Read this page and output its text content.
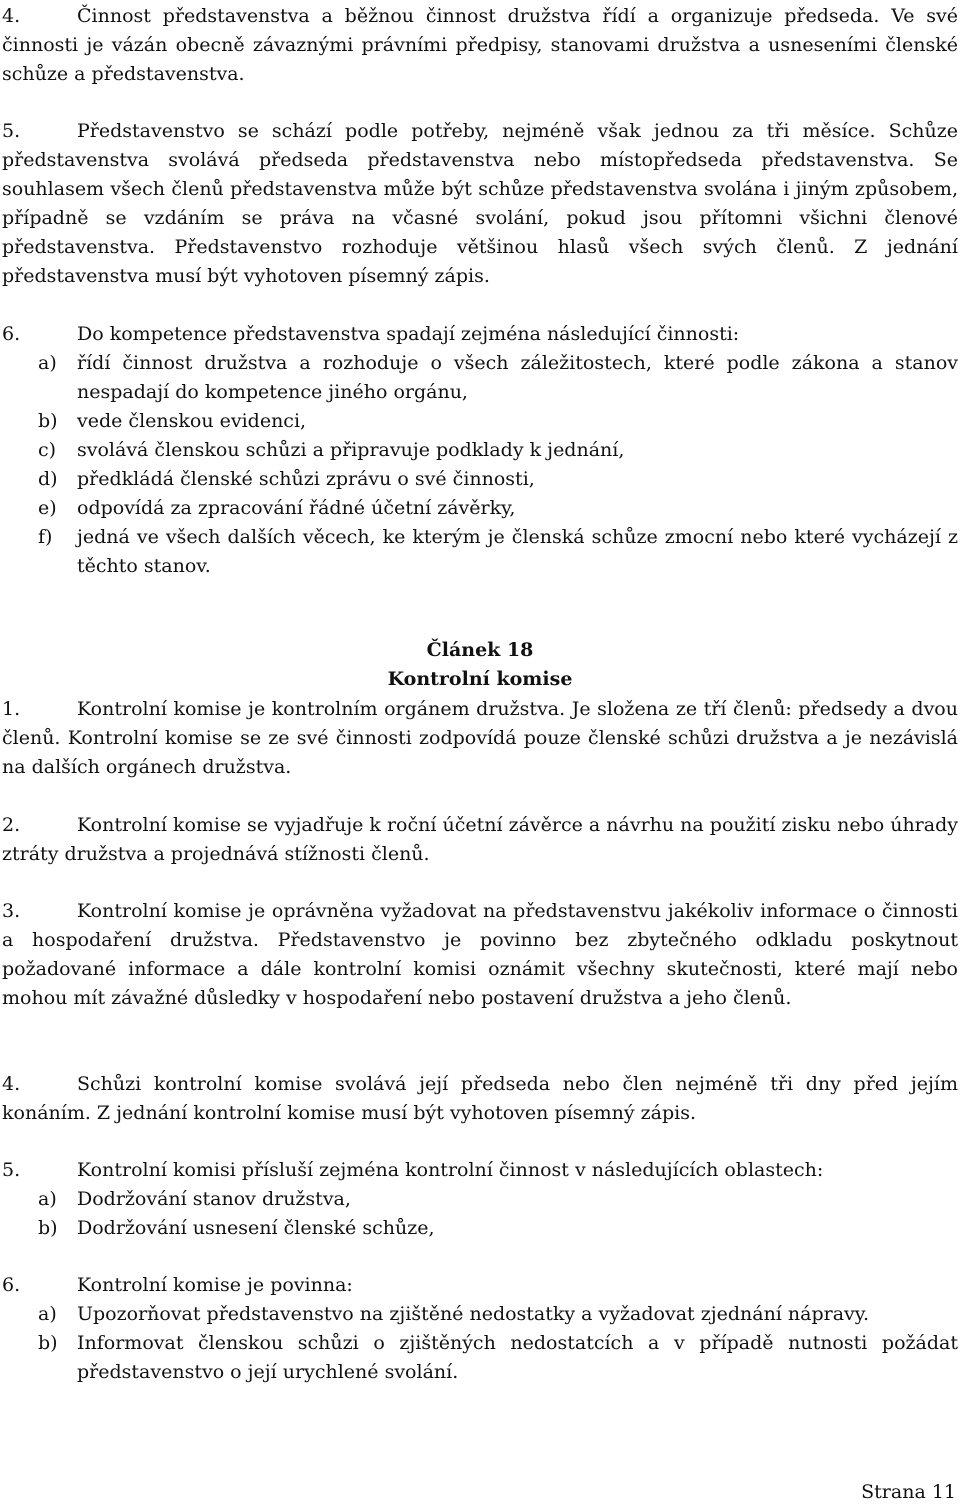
4.	Činnost představenstva a běžnou činnost družstva řídí a organizuje předseda. Ve své činnosti je vázán obecně závaznými právními předpisy, stanovami družstva a usneseními členské schůze a představenstva.

5.	Představenstvo se schází podle potřeby, nejméně však jednou za tři měsíce. Schůze představenstva svolává předseda představenstva nebo místopředseda představenstva. Se souhlasem všech členů představenstva může být schůze představenstva svolána i jiným způsobem, případně se vzdáním se práva na včasné svolání, pokud jsou přítomni všichni členové představenstva. Představenstvo rozhoduje většinou hlasů všech svých členů. Z jednání představenstva musí být vyhotoven písemný zápis.

6.	Do kompetence představenstva spadají zejména následující činnosti:

a) řídí činnost družstva a rozhoduje o všech záležitostech, které podle zákona a stanov nespadají do kompetence jiného orgánu,
b) vede členskou evidenci,
c) svolává členskou schůzi a připravuje podklady k jednání,
d) předkládá členské schůzi zprávu o své činnosti,
e) odpovídá za zpracování řádné účetní závěrky,
f) jedná ve všech dalších věcech, ke kterým je členská schůze zmocní nebo které vycházejí z těchto stanov.
Článek 18
Kontrolní komise

1.	Kontrolní komise je kontrolním orgánem družstva. Je složena ze tří členů: předsedy a dvou členů. Kontrolní komise se ze své činnosti zodpovídá pouze členské schůzi družstva a je nezávislá na dalších orgánech družstva.

2.	Kontrolní komise se vyjadřuje k roční účetní závěrce a návrhu na použití zisku nebo úhrady ztráty družstva a projednává stížnosti členů.

3.	Kontrolní komise je oprávněna vyžadovat na představenstvu jakékoliv informace o činnosti a hospodaření družstva. Představenstvo je povinno bez zbytečného odkladu poskytnout požadované informace a dále kontrolní komisi oznámit všechny skutečnosti, které mají nebo mohou mít závažné důsledky v hospodaření nebo postavení družstva a jeho členů.

4.	Schůzi kontrolní komise svolává její předseda nebo člen nejméně tři dny před jejím konáním. Z jednání kontrolní komise musí být vyhotoven písemný zápis.

5.	Kontrolní komisi přísluší zejména kontrolní činnost v následujících oblastech:

a) Dodržování stanov družstva,
b) Dodržování usnesení členské schůze,

6.	Kontrolní komise je povinna:

a) Upozorňovat představenstvo na zjištěné nedostatky a vyžadovat zjednání nápravy.
b) Informovat členskou schůzi o zjištěných nedostatcích a v případě nutnosti požádat představenstvo o její urychlené svolání.
Strana 11
